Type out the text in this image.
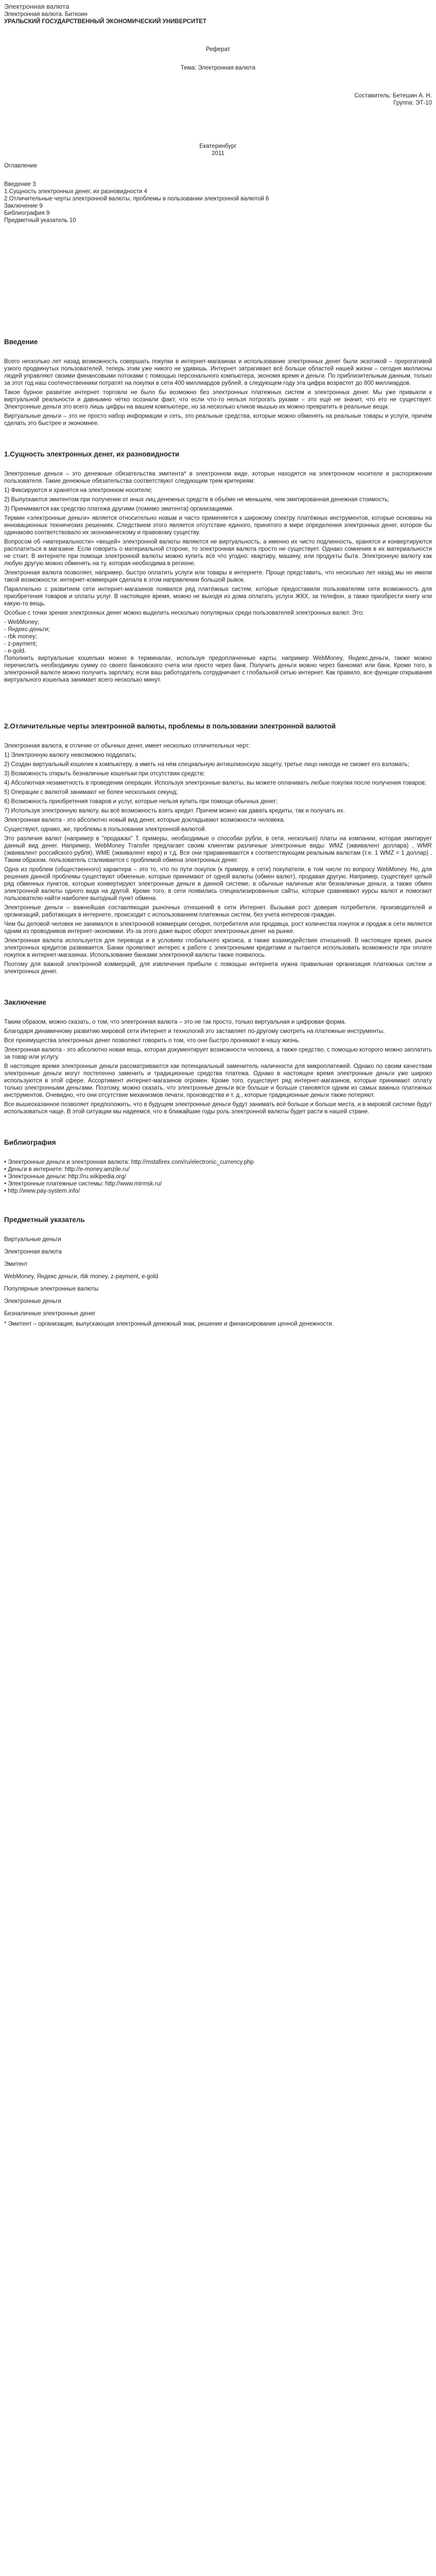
Электронная валюта
Электронная валюта. Биткоин
УРАЛЬСКИЙ ГОСУДАРСТВЕННЫЙ ЭКОНОМИЧЕСКИЙ УНИВЕРСИТЕТ
Реферат
Тема: Электронная валюта
Составитель: Бетешин А. Н.
Группа: ЭТ-10
Екатеринбург
2011
Оглавление
Введение 3
1.Сущность электронных денег, их разновидности 4
2.Отличительные черты электронной валюты, проблемы в пользовании электронной валютой 6
Заключение 9
Библиография 9
Предметный указатель 10
Введение

Всего несколько лет назад возможность совершать покупки в интернет-магазинах и использование электронных денег были экзотикой – прерогативой узкого продвинутых пользователей, теперь этим уже никого не удивишь. Интернет затрагивает всё больше областей нашей жизни – сегодня миллионы людей управляют своими финансовыми потоками с помощью персонального компьютера, экономя время и деньги. По приблизительным данным, только за этот год наш соотечественники потратят на покупки в сети 400 миллиардов рублей, в следующем году эта цифра возрастет до 800 миллиардов.

Такое бурное развитие интернет торговли не было бы возможно без электронных платежных систем и электронных денег. Мы уже привыкли к виртуальной реальности и давнымно чётко осознали факт, что если что-то нельзя потрогать руками – это ещё не значит, что его не существует. Электронные деньги это всего лишь цифры на вашем компьютере, но за несколько кликов мышью их можно превратить в реальные вещи.

Виртуальные деньги – это не просто набор информации и сеть, это реальные средства, которые можно обменять на реальные товары и услуги, причём сделать это быстрее и экономнее.

1.Сущность электронных денег, их разновидности

Электронные деньги – это денежные обязательства эмитента* в электронном виде, которые находятся на электронном носителе в распоряжении пользователя. Такие денежные обязательства соответствуют следующим трем критериям:

1) Фиксируются и хранятся на электронном носителе;

2) Выпускаются эмитентом при получении от иных лиц денежных средств в объёме не меньшем, чем эмитированная денежная стоимость;

3) Принимаются как средство платежа другими (помимо эмитента) организациями.

Термин «электронные деньги» является относительно новым и часто применяется к широкому спектру платёжных инструментов, которые основаны на инновационных технических решениях. Следствием этого является отсутствие единого, принятого в мире определения электронных денег, которое бы одинаково соответствовало их экономическому и правовому существу.

Вопросом об «материальности» «вещей» электронной валюты являются не виртуальность, а именно их чисто подлинность, хранятся и конвертируются расплатиться в магазине. Если говорить о материальной стороне, то электронная валюта просто не существует. Однако сомнения в их материальности не стоит. В интернете при помощи электронной валюты можно купить всё что угодно: квартиру, машину, или продукты быта. Электронную валюту как любую другую можно обменять на ту, которая необходима в регионе.

Электронная валюта позволяет, например, быстро оплатить услуги или товары в интернете. Проще представить, что несколько лет назад мы не имели такой возможности: интернет-коммерция сделала в этом направлении большой рывок.

Параллельно с развитием сети интернет-магазинов появился ряд платёжных систем, которые предоставили пользователям сети возможность для приобретения товаров и оплаты услуг. В настоящее время, можно не выходя из дома оплатить услуги ЖКХ, за телефон, а также приобрести книгу или какую-то вещь.

Особые с точки зрения электронных денег можно выделить несколько популярных среди пользователей электронных валют. Это:

- WebMoney;
- Яндекс-деньги;
- rbk money;
- z-payment;
- e-gold.

Пополнить виртуальные кошельки можно в терминалах, используя предоплаченные карты, например WebMoney, Яндекс.деньги, также можно перечислить необходимую сумму со своего банковского счета или просто через банк. Получить деньги можно через банкомат или банк. Кроме того, в электронной валюте можно получить зарплату, если ваш работодатель сотрудничает с глобальной сетью интернет. Как правило, все функции открывания виртуального кошелька занимает всего несколько минут.

2.Отличительные черты электронной валюты, проблемы в пользовании электронной валютой

Электронная валюта, в отличие от обычных денег, имеет несколько отличительных черт:

1) Электронную валюту невозможно подделать;

2) Создан виртуальный кошелек к компьютеру, а иметь на нём специальную антишпионскую защиту, третье лицо никогда не сможет его взломать;

3) Возможность открыть безналичные кошельки при отсутствии средств;

4) Абсолютная незаметность в проведении операции. Используя электронные валюты, вы можете оплачивать любые покупки после получения товаров;

5) Операции с валютой занимают не более нескольких секунд;

6) Возможность приобретения товаров и услуг, которые нельзя купить при помощи обычных денег;

7) Используя электронную валюту, вы всё возможность взять кредит. Причем можно как давать кредиты, так и получать их.

Электронная валюта - это абсолютно новый вид денег, которые докладывают возможности человека.

Существуют, однако, же, проблемы в пользовании электронной валютой.

Это различия валют (например в "продажах" Т. примеры, необходимые о способах рубли, в сети, несколько) платы на компании, которая эмитирует данный вид денег. Например, WebMoney Transfer предлагает своим клиентам различные электронные виды: WMZ (эквивалент доллара) , WMR (эквивалент российского рубля), WME (эквивалент евро) и т.д. Все они приравниваются к соответствующим реальным валютам (т.е. 1 WMZ = 1 доллар) . Таким образом, пользователь сталкивается с проблемой обмена электронных денег.

Одна из проблем (общественного) характера – это то, что по пути покупок (к примеру, в сети) покупатели, в том числе по вопросу WebMoney. Но, для решения данной проблемы существуют обменные, которые принимают от одной валюты (обмен валют), продавая другую. Например, существует целый ряд обменных пунктов, которые конвертируют электронные деньги в данной системе, в обычные наличные или безналичные деньги, а также обмен электронной валюты одного вида на другой. Кроме того, в сети появились специализированные сайты, которые сравнивают курсы валют и помогают пользователю найти наиболее выгодный пункт обмена.

Электронные деньги – важнейшая составляющая рыночных отношений в сети Интернет. Вызывая рост доверия потребителя, производителей и организаций, работающих в интернете, происходит с использованием платежных систем, без учета интересов граждан.

Чем бы деловой человек не занимался в электронной коммерции сегодня, потребителя или продавца, рост количества покупок и продаж в сети является одним из проводников интернет-экономики. Из-за этого даже вырос оборот электронных денег на рынке.

Электронная валюта используется для перевода и в условиях глобального кризиса, а также взаимодействия отношений. В настоящее время, рынок электронных кредитов развивается. Банки проявляют интерес к работе с электронными кредитами и пытаются использовать возможности при оплате покупок в интернет-магазинах. Использование банками электронной валюты также появилось.

Поэтому для важной электронной коммерций, для извлечения прибыли с помощью интернета нужна правильная организация платежных систем и электронных денег.

Заключение

Таким образом, можно сказать, о том, что электронная валюта – это не так просто, только виртуальная и цифровая форма.

Благодаря динамичному развитию мировой сети Интернет и технологий это заставляет по-другому смотреть на платежные инструменты.

Все преимущества электронных денег позволяют говорить о том, что они быстро проникают в нашу жизнь.

Электронная валюта - это абсолютно новая вещь, которая документирует возможности человека, а также средство, с помощью которого можно заплатить за товар или услугу.

В настоящее время электронные деньги рассматриваются как потенциальный заменитель наличности для микроплатежей. Однако по своим качествам электронные деньги могут постепенно заменить и традиционные средства платежа. Однако в настоящее время электронные деньги уже широко используются в этой сфере. Ассортимент интернет-магазинов огромен. Кроме того, существует ряд интернет-магазинов, которые принимают оплату только электронными деньгами. Поэтому, можно сказать, что электронные деньги все больше и больше становятся одним из самых важных платежных инструментов. Очевидно, что они отсутствие механизмов печати, производства и т. д., которые традиционные деньги также потеряют.

Все вышесказанное позволяет предположить, что в будущем электронные деньги будут занимать всё больше и больше места, и в мировой системе будут использоваться чаще. В этой ситуации мы надеемся, что в ближайшие годы роль электронной валюты будет расти в нашей стране.

Библиография
• Электронные деньги и электронная валюта: http://mstafirex.com/ru/electronic_currency.php
• Деньги в интернете: http://e-money.amzile.ru/
• Электронные деньги: http://ru.wikipedia.org/
• Электронные платежные системы: http://www.mirmsk.ru/
• http://www.pay-system.info/
Предметный указатель
Виртуальные деньги
Электронная валюта
Эмитент
WebMoney, Яндекс деньги, rbk money, z-payment, e-gold
Популярные электронные валюты
Электронные деньги
Безналичные электронные денег
* Эмитент – организация, выпускающая электронный денежный знак, решение и финансирование ценной денежности.
